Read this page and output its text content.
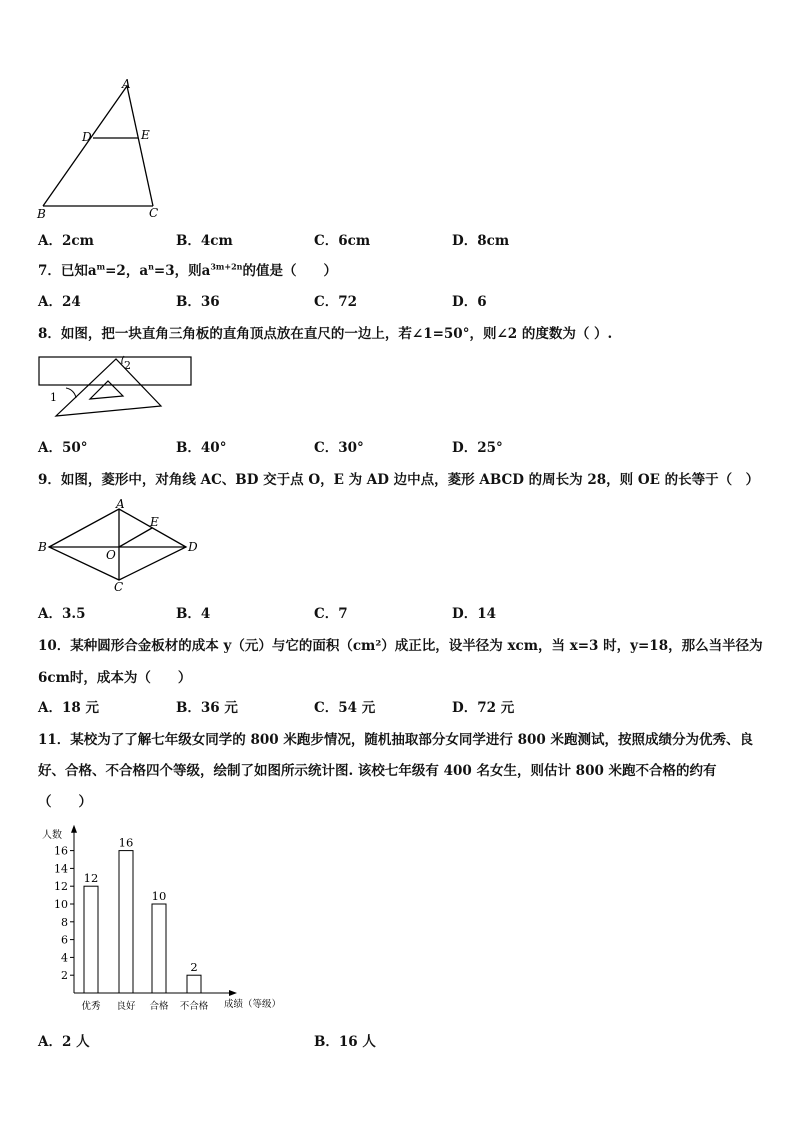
A
D	E
B	C
A．2cm	B．4cm	C．6cm	D．8cm
7．已知$a^m=2$，$a^n=3$，则$a^{3m+2n}$的值是（　　）
A．24	B．36	C．72	D．6
8．如图，把一块直角三角板的直角顶点放在直尺的一边上，若∠1=50°，则∠2 的度数为（ ）.
2
1
A．50°	B．40°	C．30°	D．25°
9．如图，菱形中，对角线 AC、BD 交于点 O，E 为 AD 边中点，菱形 ABCD 的周长为 28，则 OE 的长等于（　）
A
B
C
D
E
O
A．3.5	B．4	C．7	D．14
10．某种圆形合金板材的成本 y（元）与它的面积（cm²）成正比，设半径为 xcm，当 x=3 时，y=18，那么当半径为
6cm时，成本为（　　）
A．18 元	B．36 元	C．54 元	D．72 元
11．某校为了了解七年级女同学的 800 米跑步情况，随机抽取部分女同学进行 800 米跑测试，按照成绩分为优秀、良
好、合格、不合格四个等级，绘制了如图所示统计图. 该校七年级有 400 名女生，则估计 800 米跑不合格的约有
（　　）
人数
成绩（等级）
2
4
6
8
10
12
14
16
12
优秀
16
良好
10
合格
2
不合格
A．2 人	B．16 人
